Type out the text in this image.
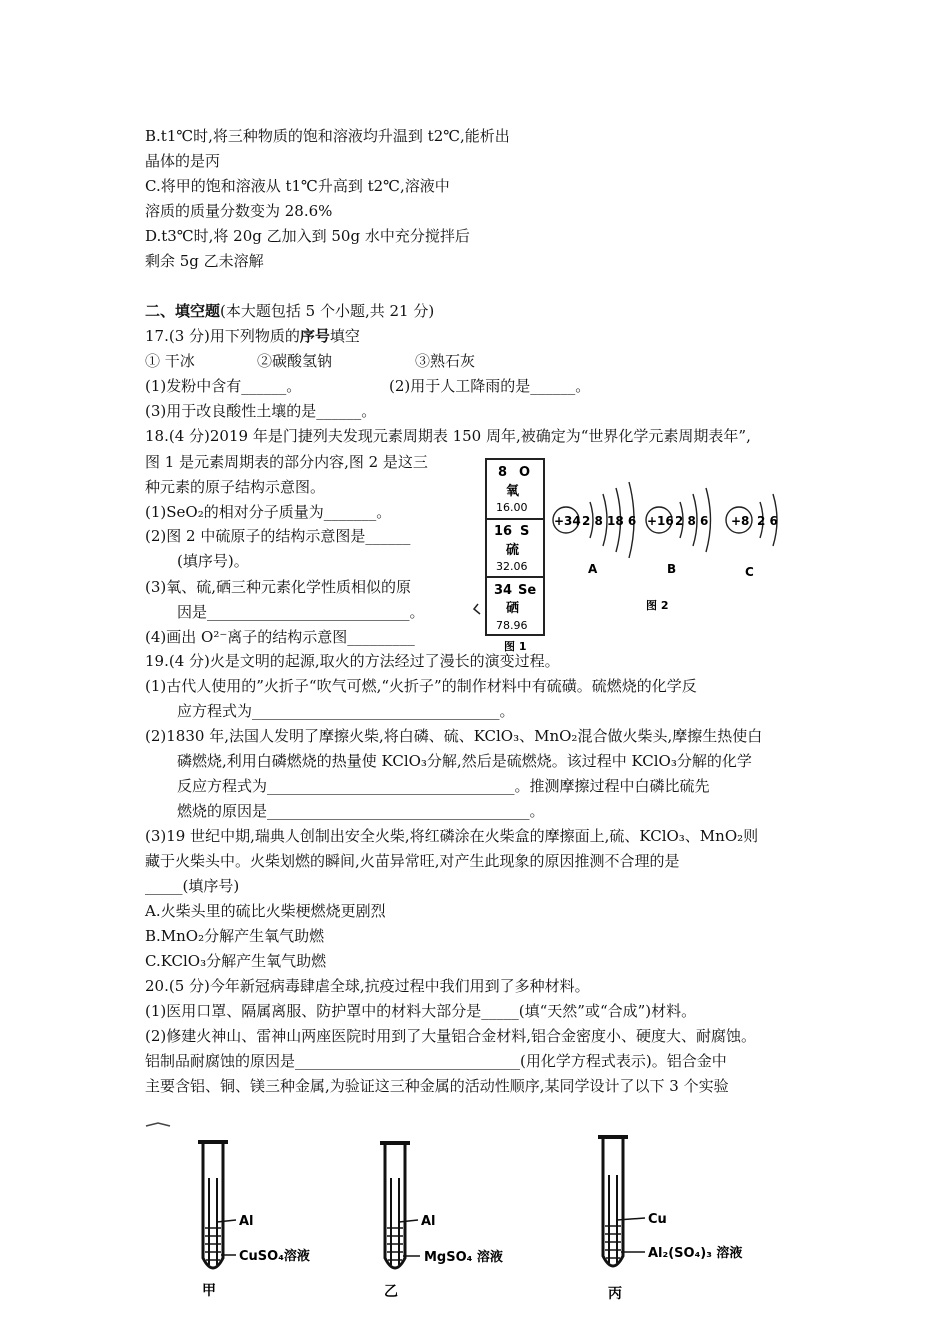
B.t1℃时,将三种物质的饱和溶液均升温到 t2℃,能析出
晶体的是丙
C.将甲的饱和溶液从 t1℃升高到 t2℃,溶液中
溶质的质量分数变为 28.6%
D.t3℃时,将 20g 乙加入到 50g 水中充分搅拌后
剩余 5g 乙未溶解
二、填空题(本大题包括 5 个小题,共 21 分)
17.(3 分)用下列物质的序号填空
① 干冰	②碳酸氢钠	③熟石灰
(1)发粉中含有______。	(2)用于人工降雨的是______。
(3)用于改良酸性土壤的是______。
18.(4 分)2019 年是门捷列夫发现元素周期表 150 周年,被确定为“世界化学元素周期表年”,
图 1 是元素周期表的部分内容,图 2 是这三
种元素的原子结构示意图。
(1)SeO₂的相对分子质量为_______。
(2)图 2 中硫原子的结构示意图是______
(填序号)。
(3)氧、硫,硒三种元素化学性质相似的原
因是___________________________。
(4)画出 O²⁻离子的结构示意图_________
8 O
氧
16.00
16 S
硫
32.06
34 Se
硒
78.96
图 1
+34 2 8 18 6 +16 2 8 6 +8 2 6
A	B	C
图 2
19.(4 分)火是文明的起源,取火的方法经过了漫长的演变过程。
(1)古代人使用的”火折子“吹气可燃,“火折子”的制作材料中有硫磺。硫燃烧的化学反
应方程式为_________________________________。
(2)1830 年,法国人发明了摩擦火柴,将白磷、硫、KClO₃、MnO₂混合做火柴头,摩擦生热使白
磷燃烧,利用白磷燃烧的热量使 KClO₃分解,然后是硫燃烧。该过程中 KClO₃分解的化学
反应方程式为_________________________________。推测摩擦过程中白磷比硫先
燃烧的原因是___________________________________。
(3)19 世纪中期,瑞典人创制出安全火柴,将红磷涂在火柴盒的摩擦面上,硫、KClO₃、MnO₂则
藏于火柴头中。火柴划燃的瞬间,火苗异常旺,对产生此现象的原因推测不合理的是
_____(填序号)
A.火柴头里的硫比火柴梗燃烧更剧烈
B.MnO₂分解产生氧气助燃
C.KClO₃分解产生氧气助燃
20.(5 分)今年新冠病毒肆虐全球,抗疫过程中我们用到了多种材料。
(1)医用口罩、隔属离服、防护罩中的材料大部分是_____(填“天然”或“合成”)材料。
(2)修建火神山、雷神山两座医院时用到了大量铝合金材料,铝合金密度小、硬度大、耐腐蚀。
铝制品耐腐蚀的原因是______________________________(用化学方程式表示)。铝合金中
主要含铝、铜、镁三种金属,为验证这三种金属的活动性顺序,某同学设计了以下 3 个实验
Al
CuSO₄溶液
甲
Al
MgSO₄ 溶液
乙
Cu
Al₂(SO₄)₃ 溶液
丙
